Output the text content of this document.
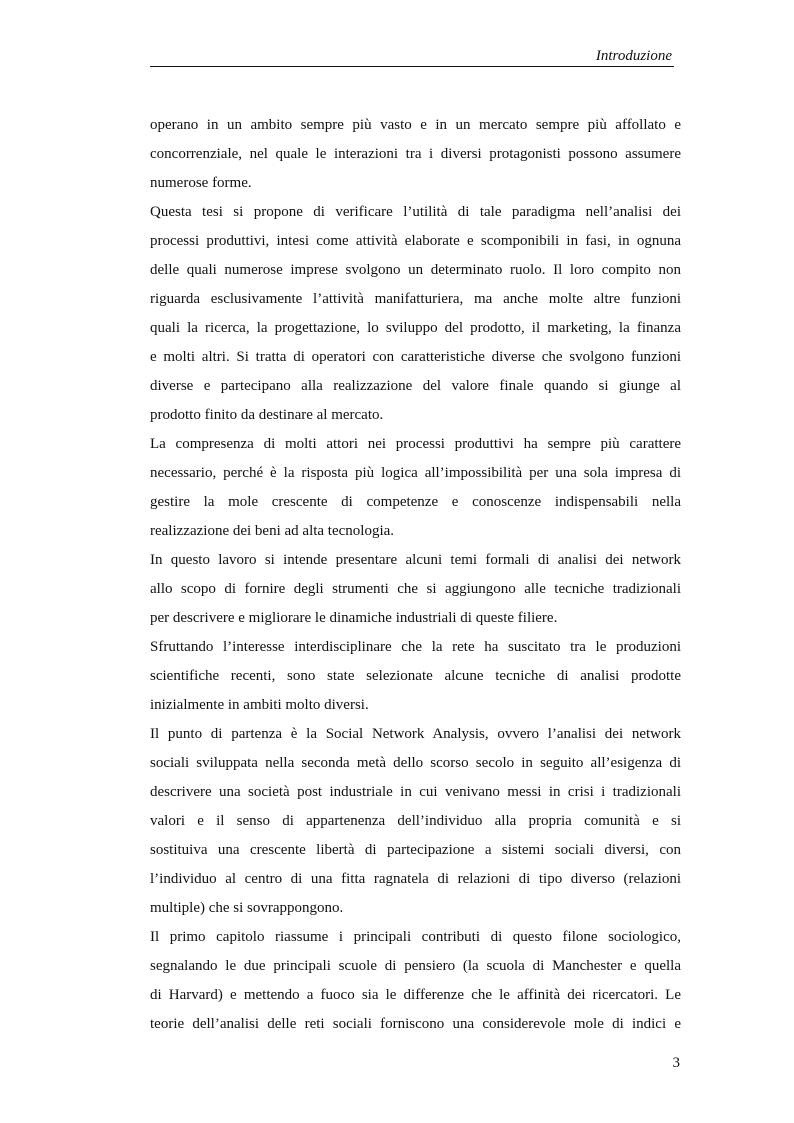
Introduzione
operano in un ambito sempre più vasto e in un mercato sempre più affollato e
concorrenziale, nel quale le interazioni tra i diversi protagonisti possono assumere
numerose forme.
Questa tesi si propone di verificare l’utilità di tale paradigma nell’analisi dei
processi produttivi, intesi come attività elaborate e scomponibili in fasi, in ognuna
delle quali numerose imprese svolgono un determinato ruolo. Il loro compito non
riguarda esclusivamente l’attività manifatturiera, ma anche molte altre funzioni
quali la ricerca, la progettazione, lo sviluppo del prodotto, il marketing, la finanza
e molti altri. Si tratta di operatori con caratteristiche diverse che svolgono funzioni
diverse e partecipano alla realizzazione del valore finale quando si giunge al
prodotto finito da destinare al mercato.
La compresenza di molti attori nei processi produttivi ha sempre più carattere
necessario, perché è la risposta più logica all’impossibilità per una sola impresa di
gestire la mole crescente di competenze e conoscenze indispensabili nella
realizzazione dei beni ad alta tecnologia.
In questo lavoro si intende presentare alcuni temi formali di analisi dei network
allo scopo di fornire degli strumenti che si aggiungono alle tecniche tradizionali
per descrivere e migliorare le dinamiche industriali di queste filiere.
Sfruttando l’interesse interdisciplinare che la rete ha suscitato tra le produzioni
scientifiche recenti, sono state selezionate alcune tecniche di analisi prodotte
inizialmente in ambiti molto diversi.
Il punto di partenza è la Social Network Analysis, ovvero l’analisi dei network
sociali sviluppata nella seconda metà dello scorso secolo in seguito all’esigenza di
descrivere una società post industriale in cui venivano messi in crisi i tradizionali
valori e il senso di appartenenza dell’individuo alla propria comunità e si
sostituiva una crescente libertà di partecipazione a sistemi sociali diversi, con
l’individuo al centro di una fitta ragnatela di relazioni di tipo diverso (relazioni
multiple) che si sovrappongono.
Il primo capitolo riassume i principali contributi di questo filone sociologico,
segnalando le due principali scuole di pensiero (la scuola di Manchester e quella
di Harvard) e mettendo a fuoco sia le differenze che le affinità dei ricercatori. Le
teorie dell’analisi delle reti sociali forniscono una considerevole mole di indici e
3
